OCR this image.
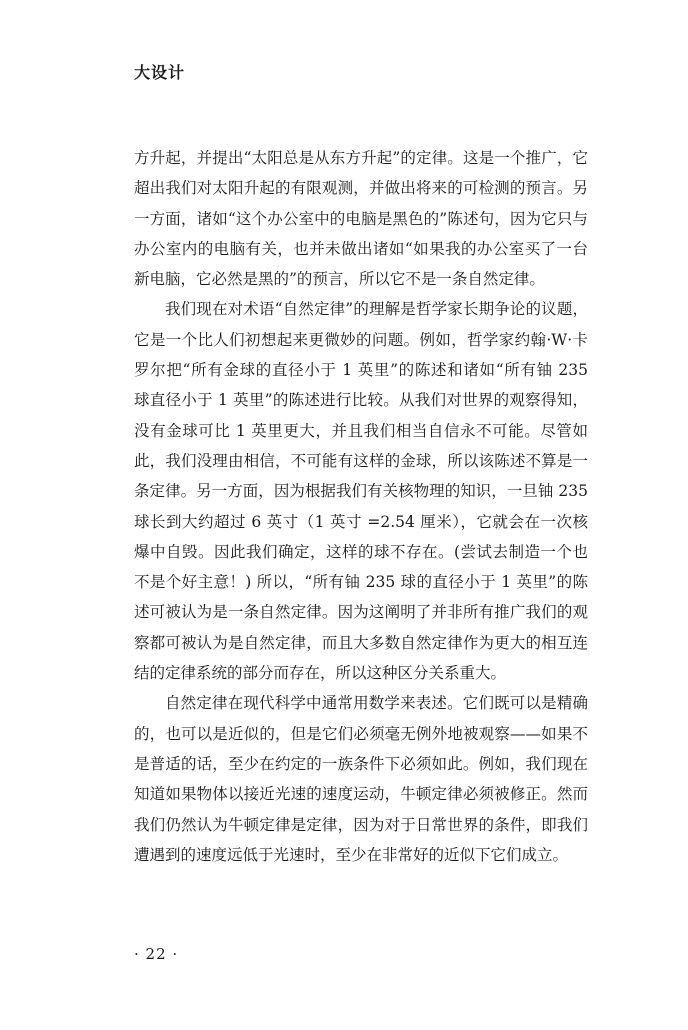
大设计

方升起，并提出“太阳总是从东方升起”的定律。这是一个推广，它超出我们对太阳升起的有限观测，并做出将来的可检测的预言。另一方面，诸如“这个办公室中的电脑是黑色的”陈述句，因为它只与办公室内的电脑有关，也并未做出诸如“如果我的办公室买了一台新电脑，它必然是黑的”的预言，所以它不是一条自然定律。

我们现在对术语“自然定律”的理解是哲学家长期争论的议题，它是一个比人们初想起来更微妙的问题。例如，哲学家约翰·W·卡罗尔把“所有金球的直径小于 1 英里”的陈述和诸如“所有铀 235 球直径小于 1 英里”的陈述进行比较。从我们对世界的观察得知，没有金球可比 1 英里更大，并且我们相当自信永不可能。尽管如此，我们没理由相信，不可能有这样的金球，所以该陈述不算是一条定律。另一方面，因为根据我们有关核物理的知识，一旦铀 235 球长到大约超过 6 英寸（1 英寸 =2.54 厘米），它就会在一次核爆中自毁。因此我们确定，这样的球不存在。(尝试去制造一个也不是个好主意！) 所以，“所有铀 235 球的直径小于 1 英里”的陈述可被认为是一条自然定律。因为这阐明了并非所有推广我们的观察都可被认为是自然定律，而且大多数自然定律作为更大的相互连结的定律系统的部分而存在，所以这种区分关系重大。

自然定律在现代科学中通常用数学来表述。它们既可以是精确的，也可以是近似的，但是它们必须毫无例外地被观察——如果不是普适的话，至少在约定的一族条件下必须如此。例如，我们现在知道如果物体以接近光速的速度运动，牛顿定律必须被修正。然而我们仍然认为牛顿定律是定律，因为对于日常世界的条件，即我们遭遇到的速度远低于光速时，至少在非常好的近似下它们成立。

· 22 ·
